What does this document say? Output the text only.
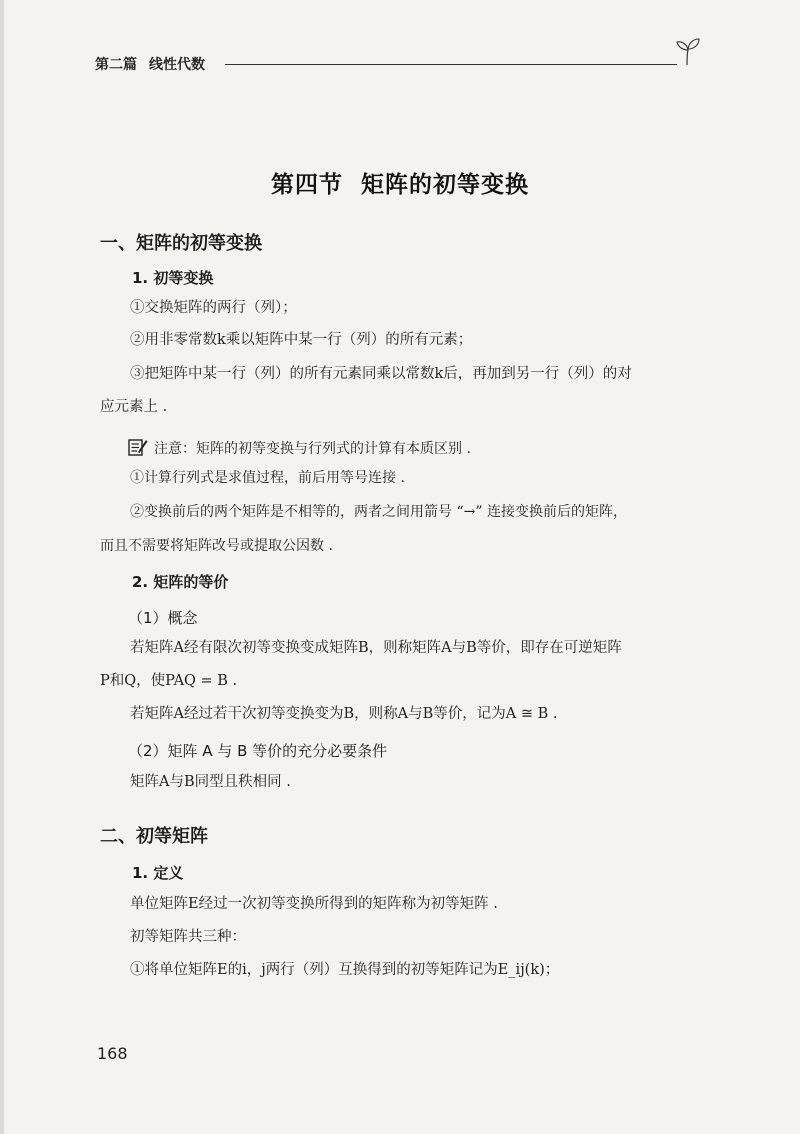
第二篇 线性代数
第四节 矩阵的初等变换
一、矩阵的初等变换
1. 初等变换
①交换矩阵的两行（列）；
②用非零常数k乘以矩阵中某一行（列）的所有元素；
③把矩阵中某一行（列）的所有元素同乘以常数k后，再加到另一行（列）的对
应元素上 .
注意：矩阵的初等变换与行列式的计算有本质区别 .
①计算行列式是求值过程，前后用等号连接 .
②变换前后的两个矩阵是不相等的，两者之间用箭号 “→” 连接变换前后的矩阵，
而且不需要将矩阵改号或提取公因数 .
2. 矩阵的等价
（1）概念
若矩阵A经有限次初等变换变成矩阵B，则称矩阵A与B等价，即存在可逆矩阵
P和Q，使PAQ = B .
若矩阵A经过若干次初等变换变为B，则称A与B等价，记为A ≅ B .
（2）矩阵 A 与 B 等价的充分必要条件
矩阵A与B同型且秩相同 .
二、初等矩阵
1. 定义
单位矩阵E经过一次初等变换所得到的矩阵称为初等矩阵 .
初等矩阵共三种：
①将单位矩阵E的i，j两行（列）互换得到的初等矩阵记为E_ij(k)；
168
